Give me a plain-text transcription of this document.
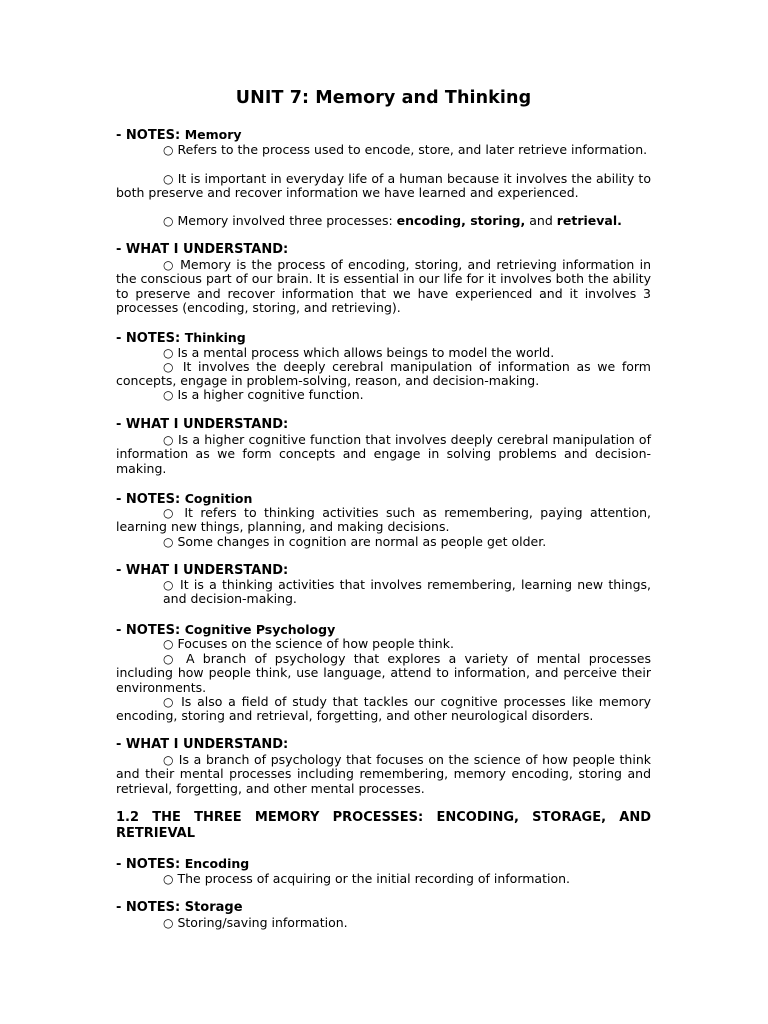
UNIT 7: Memory and Thinking
- NOTES: Memory
○ Refers to the process used to encode, store, and later retrieve information.
○ It is important in everyday life of a human because it involves the ability to both preserve and recover information we have learned and experienced.
○ Memory involved three processes: encoding, storing, and retrieval.
- WHAT I UNDERSTAND:
○ Memory is the process of encoding, storing, and retrieving information in the conscious part of our brain. It is essential in our life for it involves both the ability to preserve and recover information that we have experienced and it involves 3 processes (encoding, storing, and retrieving).
- NOTES: Thinking
○ Is a mental process which allows beings to model the world.
○ It involves the deeply cerebral manipulation of information as we form concepts, engage in problem-solving, reason, and decision-making.
○ Is a higher cognitive function.
- WHAT I UNDERSTAND:
○ Is a higher cognitive function that involves deeply cerebral manipulation of information as we form concepts and engage in solving problems and decision- making.
- NOTES: Cognition
○ It refers to thinking activities such as remembering, paying attention, learning new things, planning, and making decisions.
○ Some changes in cognition are normal as people get older.
- WHAT I UNDERSTAND:
○ It is a thinking activities that involves remembering, learning new things, and decision-making.
- NOTES: Cognitive Psychology
○ Focuses on the science of how people think.
○ A branch of psychology that explores a variety of mental processes including how people think, use language, attend to information, and perceive their environments.
○ Is also a field of study that tackles our cognitive processes like memory encoding, storing and retrieval, forgetting, and other neurological disorders.
- WHAT I UNDERSTAND:
○ Is a branch of psychology that focuses on the science of how people think and their mental processes including remembering, memory encoding, storing and retrieval, forgetting, and other mental processes.
1.2 THE THREE MEMORY PROCESSES: ENCODING, STORAGE, AND RETRIEVAL
- NOTES: Encoding
○ The process of acquiring or the initial recording of information.
- NOTES: Storage
○ Storing/saving information.
